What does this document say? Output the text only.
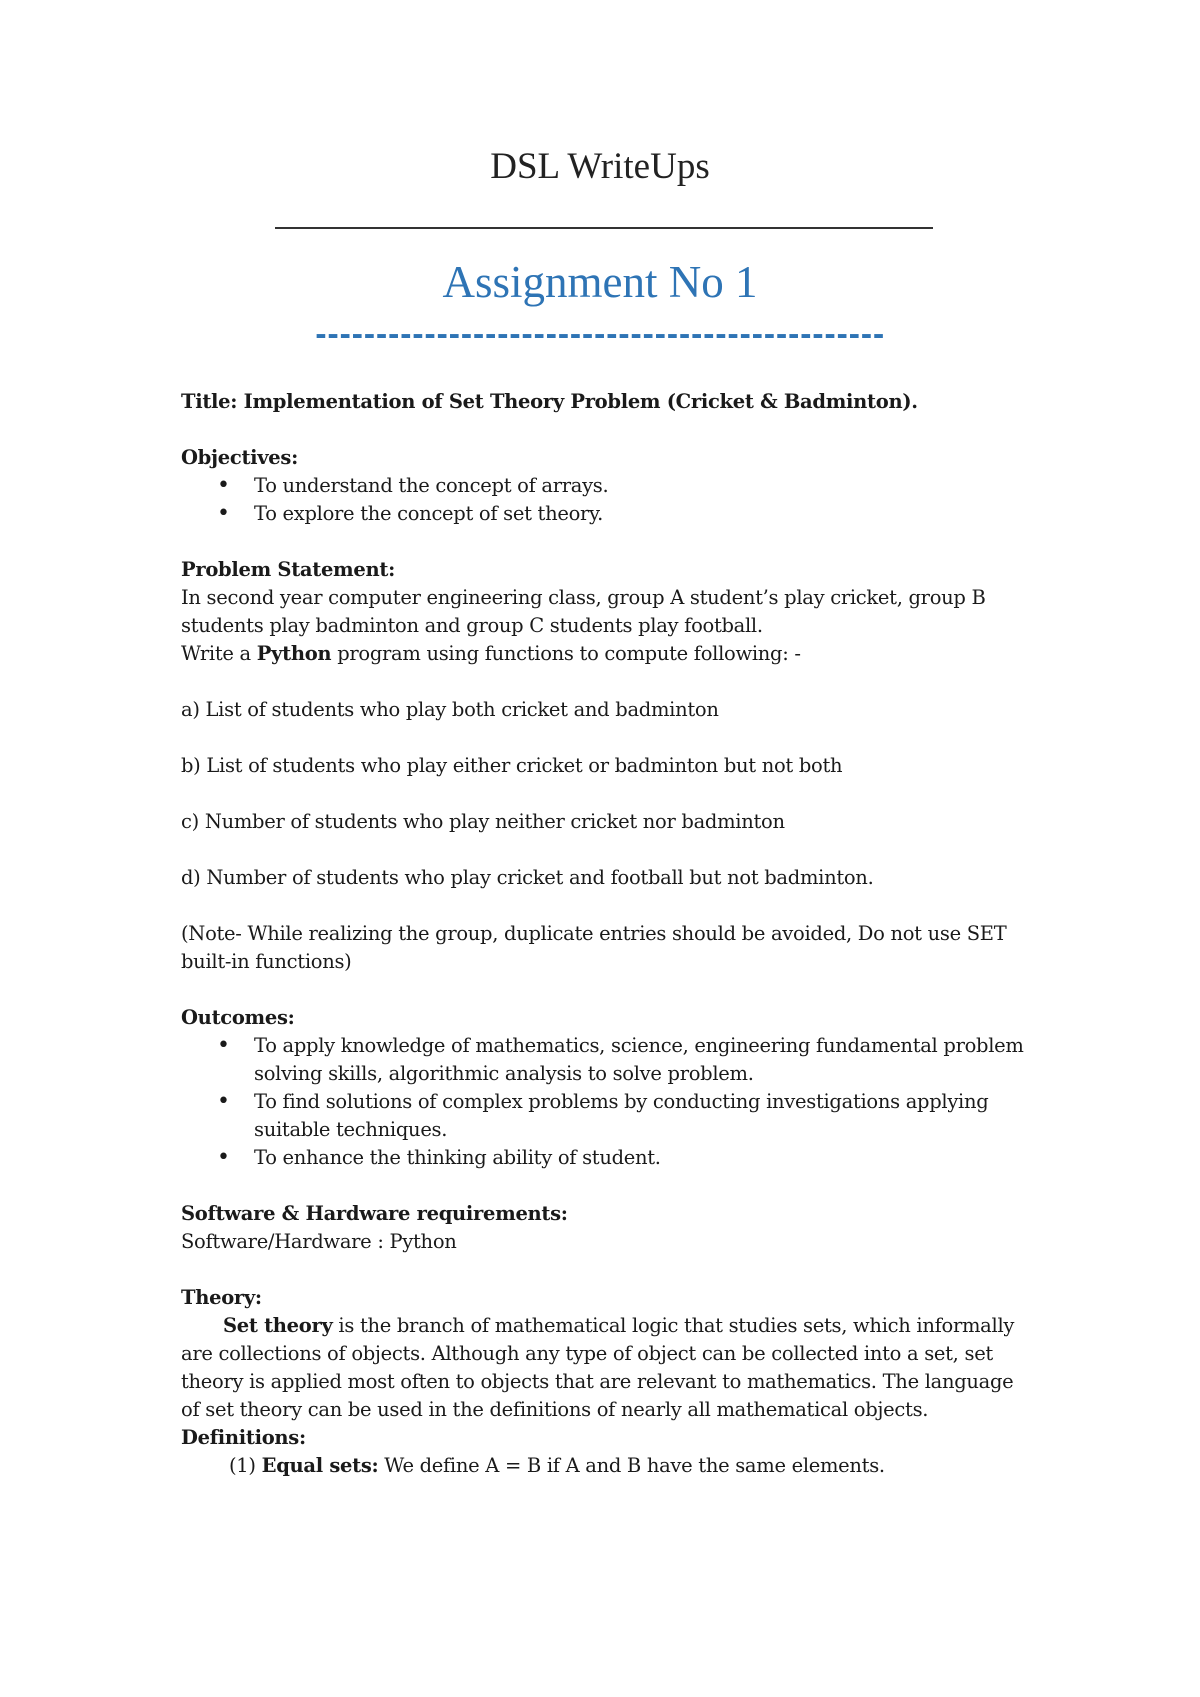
DSL WriteUps
Assignment No 1
-----------------------------------------------

Title: Implementation of Set Theory Problem (Cricket & Badminton).

Objectives:

• To understand the concept of arrays.
• To explore the concept of set theory.

Problem Statement:

In second year computer engineering class, group A student’s play cricket, group B students play badminton and group C students play football.

Write a Python program using functions to compute following: -

a) List of students who play both cricket and badminton

b) List of students who play either cricket or badminton but not both

c) Number of students who play neither cricket nor badminton

d) Number of students who play cricket and football but not badminton.

(Note- While realizing the group, duplicate entries should be avoided, Do not use SET built-in functions)

Outcomes:

• To apply knowledge of mathematics, science, engineering fundamental problem solving skills, algorithmic analysis to solve problem.
• To find solutions of complex problems by conducting investigations applying suitable techniques.
• To enhance the thinking ability of student.

Software & Hardware requirements:

Software/Hardware : Python

Theory:

Set theory is the branch of mathematical logic that studies sets, which informally are collections of objects. Although any type of object can be collected into a set, set theory is applied most often to objects that are relevant to mathematics. The language of set theory can be used in the definitions of nearly all mathematical objects.

Definitions:

(1) Equal sets: We define A = B if A and B have the same elements.
